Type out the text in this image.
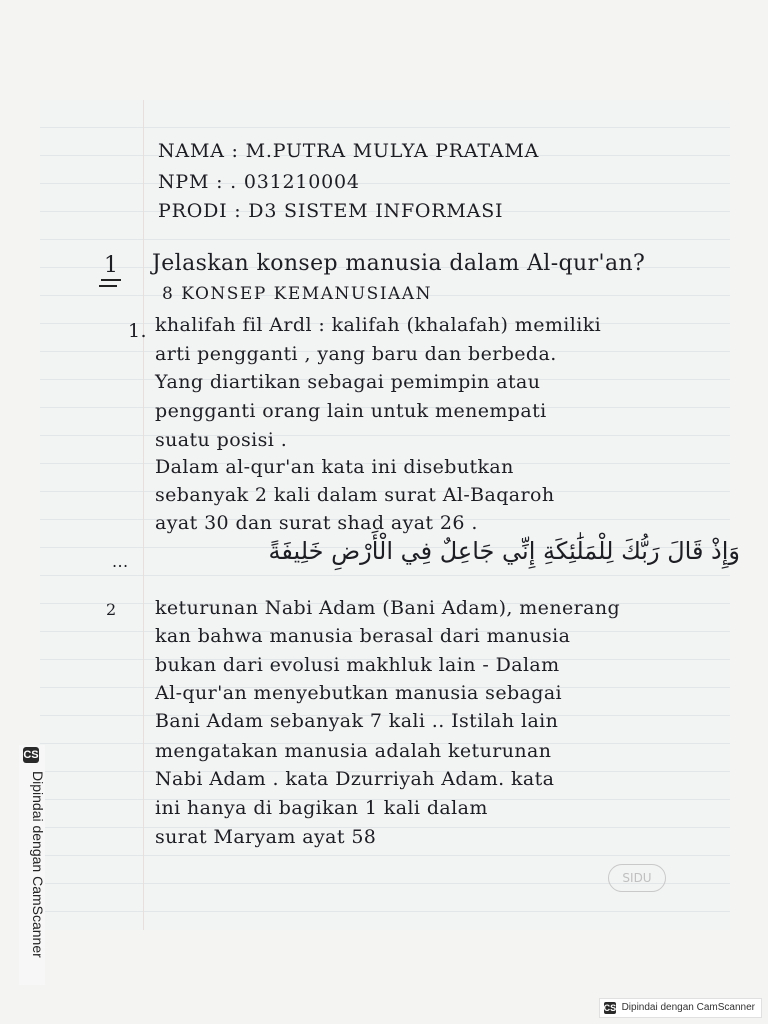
NAMA : M.PUTRA MULYA PRATAMA
NPM : . 031210004
PRODI : D3 SISTEM INFORMASI
1 Jelaskan konsep manusia dalam Al-qur'an?
8 KONSEP KEMANUSIAAN
1. khalifah fil Ardl : kalifah (khalafah) memiliki
arti pengganti , yang baru dan berbeda.
Yang diartikan sebagai pemimpin atau
pengganti orang lain untuk menempati
suatu posisi .
Dalam al-qur'an kata ini disebutkan
sebanyak 2 kali dalam surat Al-Baqaroh
ayat 30 dan surat shad ayat 26 .
وَإِذْ قَالَ رَبُّكَ لِلْمَلَٰئِكَةِ إِنِّي جَاعِلٌ فِي الْأَرْضِ خَلِيفَةً
...
2 keturunan Nabi Adam (Bani Adam), menerang
kan bahwa manusia berasal dari manusia
bukan dari evolusi makhluk lain - Dalam
Al-qur'an menyebutkan manusia sebagai
Bani Adam sebanyak 7 kali .. Istilah lain
mengatakan manusia adalah keturunan
Nabi Adam . kata Dzurriyah Adam. kata
ini hanya di bagikan 1 kali dalam
surat Maryam ayat 58
SIDU
CS
Dipindai dengan CamScanner
CS Dipindai dengan CamScanner
